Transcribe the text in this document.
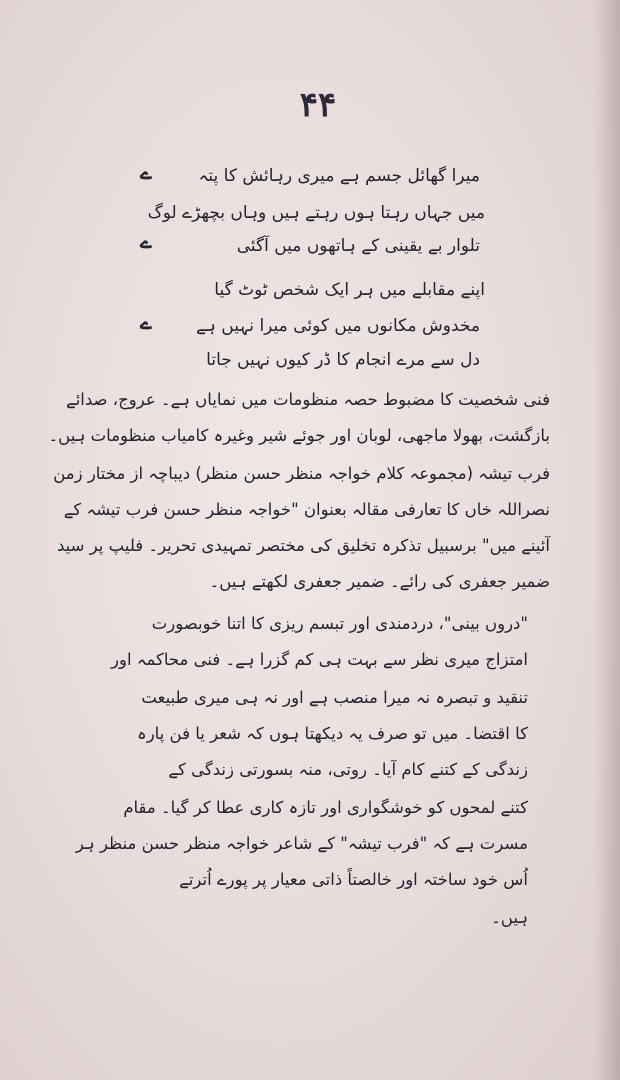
۴۴
ے	میرا گھائل جسم ہے میری رہائش کا پتہ
میں جہاں رہتا ہوں رہتے ہیں وہاں بچھڑے لوگ
ے	تلوار بے یقینی کے ہاتھوں میں آگئی
اپنے مقابلے میں ہر ایک شخص ٹوٹ گیا
ے	مخدوش مکانوں میں کوئی میرا نہیں ہے
دل سے مرے انجام کا ڈر کیوں نہیں جاتا
فنی شخصیت کا مضبوط حصہ منظومات میں نمایاں ہے۔ عروج، صدائے
بازگشت، بھولا ماجھی، لوبان اور جوئے شیر وغیرہ کامیاب منظومات ہیں۔
فرب تیشہ (مجموعہ کلام خواجہ منظر حسن منظر) دیباچہ از مختار زمن
نصراللہ خاں کا تعارفی مقالہ بعنوان "خواجہ منظر حسن فرب تیشہ کے
آئینے میں" برسبیل تذکرہ تخلیق کی مختصر تمہیدی تحریر۔ فلیپ پر سید
ضمیر جعفری کی رائے۔ ضمیر جعفری لکھتے ہیں۔
"دروں بینی"، دردمندی اور تبسم ریزی کا اتنا خوبصورت
امتزاج میری نظر سے بہت ہی کم گزرا ہے۔ فنی محاکمہ اور
تنقید و تبصرہ نہ میرا منصب ہے اور نہ ہی میری طبیعت
کا اقتضا۔ میں تو صرف یہ دیکھتا ہوں کہ شعر یا فن پارہ
زندگی کے کتنے کام آیا۔ روتی، منہ بسورتی زندگی کے
کتنے لمحوں کو خوشگواری اور تازہ کاری عطا کر گیا۔ مقام
مسرت ہے کہ "فرب تیشہ" کے شاعر خواجہ منظر حسن منظر ہر
اُس خود ساختہ اور خالصتاً ذاتی معیار پر پورے اُترتے
ہیں۔
